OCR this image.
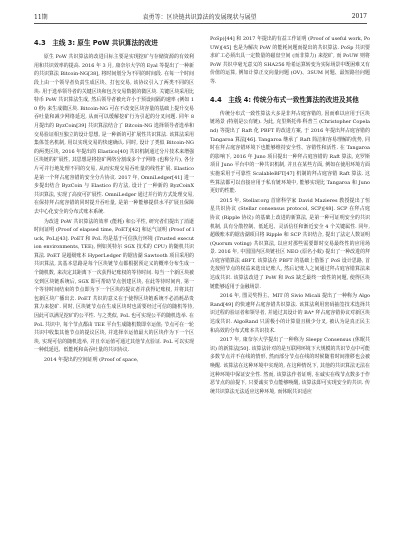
11期	袁勇等：区块链共识算法的发展现状与展望	2017
4.3　主线 3: 原生 PoW 共识算法的改进

原生 PoW 共识算法的改进目标主要是实现挖矿与存储资源的有效利用和共识效率的提高. 2016 年 3 月, 康奈尔大学的 Eyal 等提出了一种新的共识算法 Bitcoin-NG[38], 将时间划分为不同的时间段. 在每一个时间段上由一个领导者负责生成区块、打包交易, 该协议引入了两类不同的区块: 用于选举领导者的关键区块和包含交易数据的微区块. 关键区块采用比特币 PoW 共识算法生成, 然后领导者被允许小于预设间隔的速率 (例如 10 秒) 来生成微区块. Bitcoin-NG 可在不改变区块容量的基础上提升交易吞吐量和减少网络延迟, 从而可以缓解挖矿行为引起的分叉问题. 同年 8 月提出的 ByzCoin[39] 共识算法结合了 Bitcoin-NG 选择领导者选举和交易验证相互独立的设计思想, 是一种新的可扩展性共识算法. 该算法采用集体签名机制, 用以实现交易的快速确认. 同时, 设计了类似 Bitcoin-NG 的两类区块, 2016 年提出的 Elastico[40] 共识机制通过分片技术来增强区块链的扩展性, 其思想是将挖矿网络分割成多个子网络 (也称分片), 各分片可并行地处理不同的交易, 从而实现交易吞吐量的线性扩展. Elastico 是第一个拜占庭容错的安全分片协议. 2017 年, OmniLedger[41] 进一步提出结合 ByzCoin 与 Elastico 的方法, 设计了一种新的 ByzCoinX 共识算法, 实现了高度可扩展性. OmniLedger 通过并行的方式处理交易, 在保持拜占庭容错的同时提升吞吐量, 是第一种能够提供水平扩展且保障去中心化安全的分布式账本系统.

为改进 PoW 共识算法的效率 (能耗) 和公平性, 研究者们提出了消逝时间证明 (Proof of elapsed time, PoET)[42] 和运气证明 (Proof of luck, PoL)[43]. PoET 和 PoL 均是基于可信执行环境 (Trusted execution environments, TEE), 例如英特尔 SGX 技术的 CPU) 的随机共识算法. PoET 是超级账本 HyperLedger 的锯齿湖 Sawtooth 项目采用的共识算法, 其基本思路是每个区块链节点都根据预定义的概率分布生成一个随机数, 来决定其距离下一次获得记账权的等待时间. 每当一个新区块被交到区块链系统后, SGX 即可帮助节点创建区块, 在此等待时间内, 第一个等待时间结束的节点即为下一个区块的提议者并获得记账权, 并将其打包新区块广播出去. PoET 共识的意义在于使得区块链系统不必消耗昂贵算力来挖矿. 同时, 区块链节点在生成区块时也需要经过可信的随机等待, 因此可以满足挖矿的公平性. 与之类似, PoL 也可实现公平的随机选举. 在 PoL 共识中, 每个节点都由 TEE 平台生成随机数即幸运值; 节点可在一轮共识中收集其他节点的提议区块, 并选择幸运值最大的区块作为下一个区块, 实现可信的随机选举, 并且幸运值可通过其他节点验证. PoL 可以实现一种低延迟、低能耗和高吞吐量的共识协议.

2014 年提出的空间证明 (Proof of space,

PoSp)[44] 和 2017 年提出的有益工作证明 (Proof of useful work, PoUW)[45] 也是为解决 PoW 的能耗问题而提出的共识算法. PoSp 共识要求矿工必须出具一定数量的磁盘空间 (而非算力) 来挖矿, 而 PoUW 则将 PoW 共识中毫无意义的 SHA256 哈希运算转变为实际场景中既困难又有价值的运算, 例如计算正交向量问题 (OV)、3SUM 问题、最短路径问题等.

4.4　主线 4: 传统分布式一致性算法的改进及其他

传统分布式一致性算法大多是非拜占庭容错的, 因而难以应用于区块链场景 (特别是公有链). 为此, 克里斯托弗·科普兰 (Christopher Copeland) 等提出了 Raft 化 PBFT 的改进方案, 于 2016 年提出拜占庭容错的 Tangaroa 算法[46]. Tangaroa 继承了 Raft 简洁和容易理解的优势, 同时在拜占庭容错环境下也能够维持安全性、容错性和活性. 在 Tangaroa 的影响下, 2016 年 Juno 项目提出一种拜占庭容错的 Raft 算法, 克罗斯项目 Juno 平台中的一种共识机制, 并且在某些方面, 例如在使用环境方面实施采用于可靠性 ScalableBFT[47] 机制的拜占庭容错 Raft 算法. 这些算法都可以直接应用于私有链环境中, 能够实现比 Tangaroa 和 Juno 更好的性能.

2015 年, Stellar.org 首席科学家 David Mazieres 教授提出了恒星共识协议 (Stellar consensus protocol, SCP)[48]. SCP 在拜占庭协议 (Ripple 协议) 的基础上改进的新算法, 是第一种可证明安全的共识机制, 具有分散控制、低延迟、灵活信任和渐近安全 4 个关键属性. 同年, 超级账本的锯齿湖项目将 Ripple 和 SCP 共识结合, 提出了法定人数证明 (Quorum voting) 共识算法, 以应对那些需要即时交易最终性的应用场景. 2016 年, 中国国内区块链社区 NEO (原名小蚁) 提出了一种改进的拜占庭容错算法 dBFT, 该算法在 PBFT 的基础上借鉴了 PoS 设计思路, 首先按照节点的权益来选出记账人, 然后记账人之间通过拜占庭容错算法来达成共识. 该算法改进了 PoW 和 PoS 缺乏最终一致性的问题, 使得区块链能够适用于金融场景.

2016 年, 图灵奖得主、MIT 的 Sivio Micali 提出了一种称为 AlgoRand[49] 的快速拜占庭容错共识算法. 该算法利用密码抽签技术选择共识过程的验证者和领导者, 并通过其设计的 BA* 拜占庭容错协议对新区块达成共识. AlgoRand 只需极小的计算量且极少分叉, 被认为是真正民主和高效的分布式账本共识技术.

2017 年, 康奈尔大学提出了一种称为 Sleepy Consensus (休眠共识) 的新算法[50]. 该算法针对的是互联网环境下大规模的共识节点中可能多数节点并不在线的情形, 然而部分节点在线的时候随着时间推移也会被唤醒. 该算法在这种环境中实现的, 在这种情况下, 其他的共识算法无法在这种环境中保证安全性. 然而, 该算法作者证明, 在诚实在线节点数多于作恶节点的前提下, 只要诚实节点能够唤醒, 该算法即可实现安全的共识. 传统共识算法无法适应这种环境, 而休眠共识适应
